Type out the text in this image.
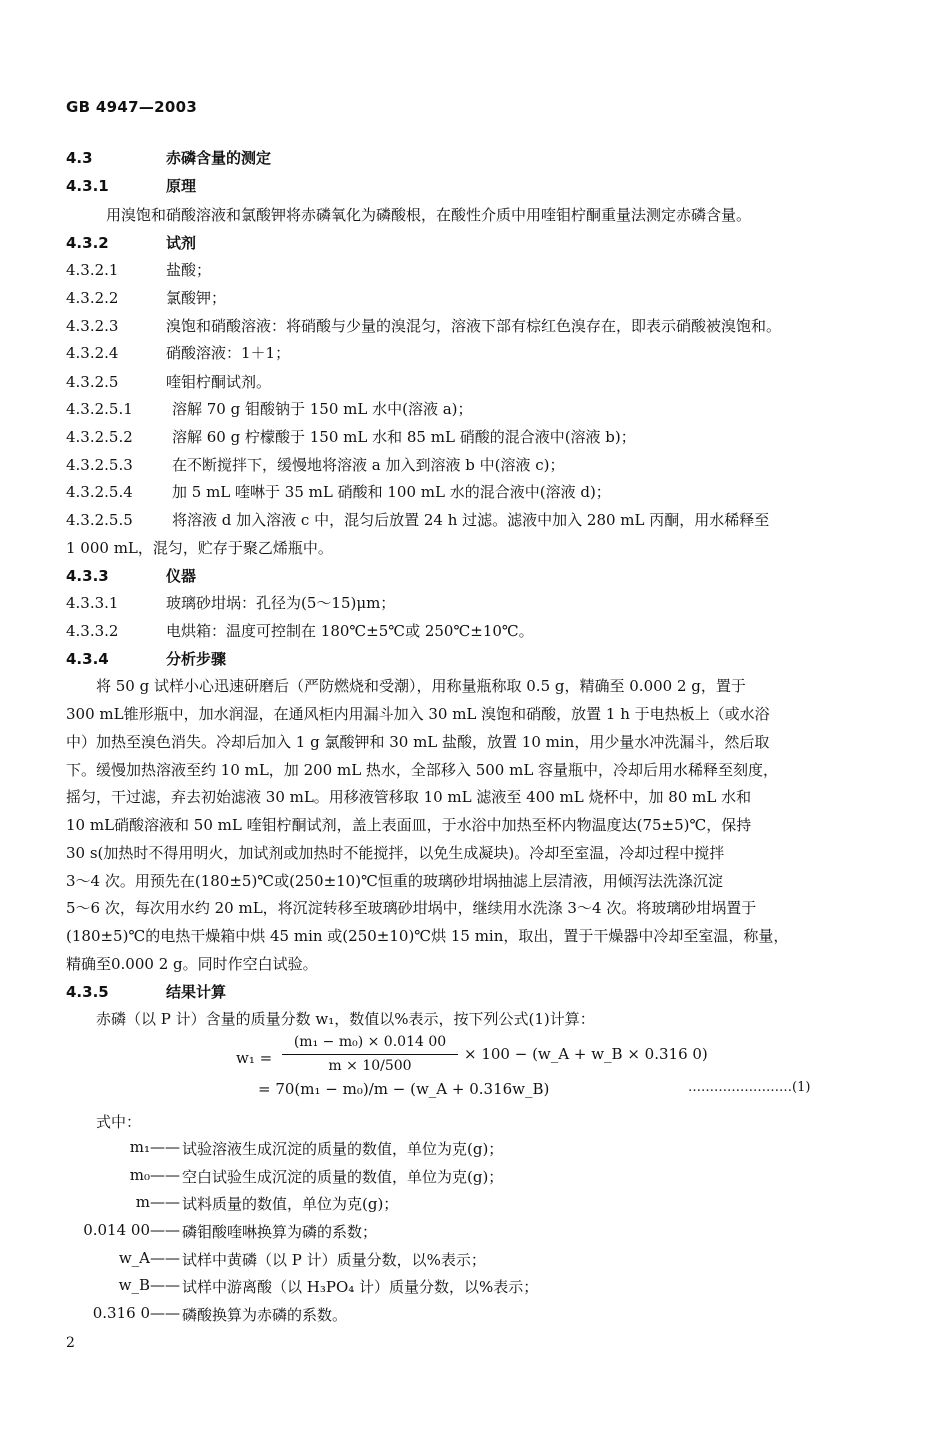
GB 4947—2003
4.3	赤磷含量的测定
4.3.1	原理
用溴饱和硝酸溶液和氯酸钾将赤磷氧化为磷酸根，在酸性介质中用喹钼柠酮重量法测定赤磷含量。
4.3.2	试剂
4.3.2.1	盐酸；
4.3.2.2	氯酸钾；
4.3.2.3	溴饱和硝酸溶液：将硝酸与少量的溴混匀，溶液下部有棕红色溴存在，即表示硝酸被溴饱和。
4.3.2.4	硝酸溶液：1＋1；
4.3.2.5	喹钼柠酮试剂。
4.3.2.5.1	溶解 70 g 钼酸钠于 150 mL 水中(溶液 a)；
4.3.2.5.2	溶解 60 g 柠檬酸于 150 mL 水和 85 mL 硝酸的混合液中(溶液 b)；
4.3.2.5.3	在不断搅拌下，缓慢地将溶液 a 加入到溶液 b 中(溶液 c)；
4.3.2.5.4	加 5 mL 喹啉于 35 mL 硝酸和 100 mL 水的混合液中(溶液 d)；
4.3.2.5.5	将溶液 d 加入溶液 c 中，混匀后放置 24 h 过滤。滤液中加入 280 mL 丙酮，用水稀释至
1 000 mL，混匀，贮存于聚乙烯瓶中。
4.3.3	仪器
4.3.3.1	玻璃砂坩埚：孔径为(5～15)μm；
4.3.3.2	电烘箱：温度可控制在 180℃±5℃或 250℃±10℃。
4.3.4	分析步骤
将 50 g 试样小心迅速研磨后（严防燃烧和受潮），用称量瓶称取 0.5 g，精确至 0.000 2 g，置于
300 mL锥形瓶中，加水润湿，在通风柜内用漏斗加入 30 mL 溴饱和硝酸，放置 1 h 于电热板上（或水浴
中）加热至溴色消失。冷却后加入 1 g 氯酸钾和 30 mL 盐酸，放置 10 min，用少量水冲洗漏斗，然后取
下。缓慢加热溶液至约 10 mL，加 200 mL 热水，全部移入 500 mL 容量瓶中，冷却后用水稀释至刻度，
摇匀，干过滤，弃去初始滤液 30 mL。用移液管移取 10 mL 滤液至 400 mL 烧杯中，加 80 mL 水和
10 mL硝酸溶液和 50 mL 喹钼柠酮试剂，盖上表面皿，于水浴中加热至杯内物温度达(75±5)℃，保持
30 s(加热时不得用明火，加试剂或加热时不能搅拌，以免生成凝块)。冷却至室温，冷却过程中搅拌
3～4 次。用预先在(180±5)℃或(250±10)℃恒重的玻璃砂坩埚抽滤上层清液，用倾泻法洗涤沉淀
5～6 次，每次用水约 20 mL，将沉淀转移至玻璃砂坩埚中，继续用水洗涤 3～4 次。将玻璃砂坩埚置于
(180±5)℃的电热干燥箱中烘 45 min 或(250±10)℃烘 15 min，取出，置于干燥器中冷却至室温，称量，
精确至0.000 2 g。同时作空白试验。
4.3.5	结果计算
赤磷（以 P 计）含量的质量分数 w₁，数值以%表示，按下列公式(1)计算：
w₁ =
(m₁ − m₀) × 0.014 00
m × 10/500
× 100 − (w_A + w_B × 0.316 0)
= 70(m₁ − m₀)/m − (w_A + 0.316w_B)	……………………(1)
式中：
m₁—— 试验溶液生成沉淀的质量的数值，单位为克(g)；
m₀—— 空白试验生成沉淀的质量的数值，单位为克(g)；
m—— 试料质量的数值，单位为克(g)；
0.014 00—— 磷钼酸喹啉换算为磷的系数；
w_A—— 试样中黄磷（以 P 计）质量分数，以%表示；
w_B—— 试样中游离酸（以 H₃PO₄ 计）质量分数，以%表示；
0.316 0—— 磷酸换算为赤磷的系数。
2
